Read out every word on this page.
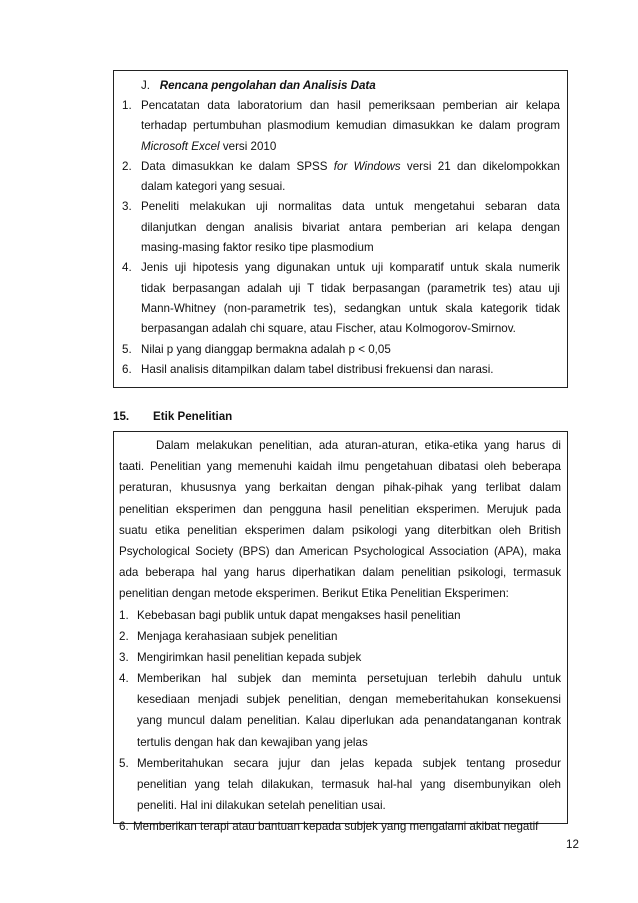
J. Rencana pengolahan dan Analisis Data
1. Pencatatan data laboratorium dan hasil pemeriksaan pemberian air kelapa
terhadap pertumbuhan plasmodium kemudian dimasukkan ke dalam program
Microsoft Excel versi 2010
2. Data dimasukkan ke dalam SPSS for Windows versi 21 dan dikelompokkan
dalam kategori yang sesuai.
3. Peneliti melakukan uji normalitas data untuk mengetahui sebaran data
dilanjutkan dengan analisis bivariat antara pemberian ari kelapa dengan
masing-masing faktor resiko tipe plasmodium
4. Jenis uji hipotesis yang digunakan untuk uji komparatif untuk skala numerik
tidak berpasangan adalah uji T tidak berpasangan (parametrik tes) atau uji
Mann-Whitney (non-parametrik tes), sedangkan untuk skala kategorik tidak
berpasangan adalah chi square, atau Fischer, atau Kolmogorov-Smirnov.
5. Nilai p yang dianggap bermakna adalah p < 0,05
6. Hasil analisis ditampilkan dalam tabel distribusi frekuensi dan narasi.
15. Etik Penelitian
Dalam melakukan penelitian, ada aturan-aturan, etika-etika yang harus di
taati. Penelitian yang memenuhi kaidah ilmu pengetahuan dibatasi oleh beberapa
peraturan, khususnya yang berkaitan dengan pihak-pihak yang terlibat dalam
penelitian eksperimen dan pengguna hasil penelitian eksperimen. Merujuk pada
suatu etika penelitian eksperimen dalam psikologi yang diterbitkan oleh British
Psychological Society (BPS) dan American Psychological Association (APA), maka
ada beberapa hal yang harus diperhatikan dalam penelitian psikologi, termasuk
penelitian dengan metode eksperimen. Berikut Etika Penelitian Eksperimen:
1. Kebebasan bagi publik untuk dapat mengakses hasil penelitian
2. Menjaga kerahasiaan subjek penelitian
3. Mengirimkan hasil penelitian kepada subjek
4. Memberikan hal subjek dan meminta persetujuan terlebih dahulu untuk
kesediaan menjadi subjek penelitian, dengan memeberitahukan konsekuensi
yang muncul dalam penelitian. Kalau diperlukan ada penandatanganan kontrak
tertulis dengan hak dan kewajiban yang jelas
5. Memberitahukan secara jujur dan jelas kepada subjek tentang prosedur
penelitian yang telah dilakukan, termasuk hal-hal yang disembunyikan oleh
peneliti. Hal ini dilakukan setelah penelitian usai.
6. Memberikan terapi atau bantuan kepada subjek yang mengalami akibat negatif
12
